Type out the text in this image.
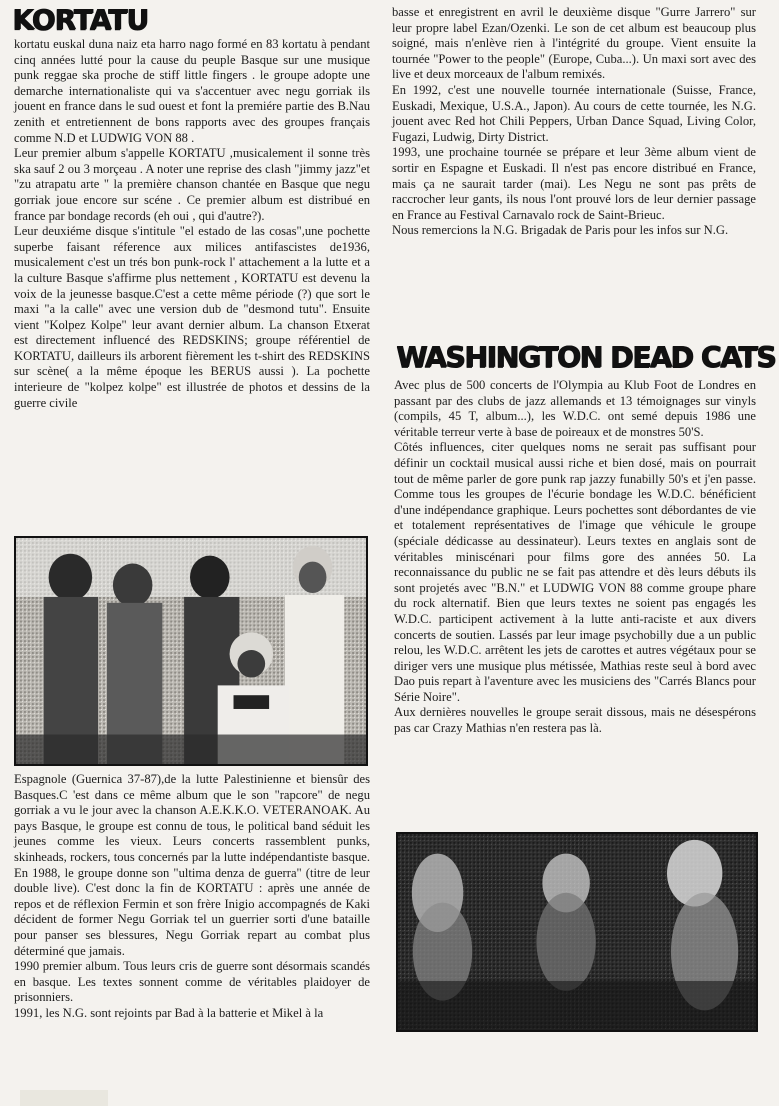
KORTATU

kortatu euskal duna naiz eta harro nago formé en 83 kortatu à pendant cinq années lutté pour la cause du peuple Basque sur une musique punk reggae ska proche de stiff little fingers . le groupe adopte une demarche internationaliste qui va s'accentuer avec negu gorriak ils jouent en france dans le sud ouest et font la premiére partie des B.Nau zenith et entretiennent de bons rapports avec des groupes français comme N.D et LUDWIG VON 88 .

Leur premier album s'appelle KORTATU ,musicalement il sonne très ska sauf 2 ou 3 morçeau . A noter une reprise des clash "jimmy jazz"et "zu atrapatu arte " la première chanson chantée en Basque que negu gorriak joue encore sur scéne . Ce premier album est distribué en france par bondage records (eh oui , qui d'autre?).

Leur deuxiéme disque s'intitule "el estado de las cosas",une pochette superbe faisant réference aux milices antifascistes de1936, musicalement c'est un trés bon punk-rock l' attachement a la lutte et a la culture Basque s'affirme plus nettement , KORTATU est devenu la voix de la jeunesse basque.C'est a cette même période (?) que sort le maxi "a la calle" avec une version dub de "desmond tutu". Ensuite vient "Kolpez Kolpe" leur avant dernier album. La chanson Etxerat est directement influencé des REDSKINS; groupe référentiel de KORTATU, dailleurs ils arborent fièrement les t-shirt des REDSKINS sur scène( a la même époque les BERUS aussi ). La pochette interieure de "kolpez kolpe" est illustrée de photos et dessins de la guerre civile

Espagnole (Guernica 37-87),de la lutte Palestinienne et biensûr des Basques.C 'est dans ce même album que le son "rapcore" de negu gorriak a vu le jour avec la chanson A.E.K.K.O. VETERANOAK. Au pays Basque, le groupe est connu de tous, le political band séduit les jeunes comme les vieux. Leurs concerts rassemblent punks, skinheads, rockers, tous concernés par la lutte indépendantiste basque. En 1988, le groupe donne son "ultima denza de guerra" (titre de leur double live). C'est donc la fin de KORTATU : après une année de repos et de réflexion Fermin et son frère Inigio accompagnés de Kaki décident de former Negu Gorriak tel un guerrier sorti d'une bataille pour panser ses blessures, Negu Gorriak repart au combat plus déterminé que jamais.

1990 premier album. Tous leurs cris de guerre sont désormais scandés en basque. Les textes sonnent comme de véritables plaidoyer de prisonniers.

1991, les N.G. sont rejoints par Bad à la batterie et Mikel à la

basse et enregistrent en avril le deuxième disque "Gurre Jarrero" sur leur propre label Ezan/Ozenki. Le son de cet album est beaucoup plus soigné, mais n'enlève rien à l'intégrité du groupe. Vient ensuite la tournée "Power to the people" (Europe, Cuba...). Un maxi sort avec des live et deux morceaux de l'album remixés.

En 1992, c'est une nouvelle tournée internationale (Suisse, France, Euskadi, Mexique, U.S.A., Japon). Au cours de cette tournée, les N.G. jouent avec Red hot Chili Peppers, Urban Dance Squad, Living Color, Fugazi, Ludwig, Dirty District.

1993, une prochaine tournée se prépare et leur 3ème album vient de sortir en Espagne et Euskadi. Il n'est pas encore distribué en France, mais ça ne saurait tarder (mai). Les Negu ne sont pas prêts de raccrocher leur gants, ils nous l'ont prouvé lors de leur dernier passage en France au Festival Carnavalo rock de Saint-Brieuc.

Nous remercions la N.G. Brigadak de Paris pour les infos sur N.G.

WASHINGTON DEAD CATS

Avec plus de 500 concerts de l'Olympia au Klub Foot de Londres en passant par des clubs de jazz allemands et 13 témoignages sur vinyls (compils, 45 T, album...), les W.D.C. ont semé depuis 1986 une véritable terreur verte à base de poireaux et de monstres 50'S.

Côtés influences, citer quelques noms ne serait pas suffisant pour définir un cocktail musical aussi riche et bien dosé, mais on pourrait tout de même parler de gore punk rap jazzy funabilly 50's et j'en passe. Comme tous les groupes de l'écurie bondage les W.D.C. bénéficient d'une indépendance graphique. Leurs pochettes sont débordantes de vie et totalement représentatives de l'image que véhicule le groupe (spéciale dédicasse au dessinateur). Leurs textes en anglais sont de véritables miniscénari pour films gore des années 50. La reconnaissance du public ne se fait pas attendre et dès leurs débuts ils sont projetés avec "B.N." et LUDWIG VON 88 comme groupe phare du rock alternatif. Bien que leurs textes ne soient pas engagés les W.D.C. participent activement à la lutte anti-raciste et aux divers concerts de soutien. Lassés par leur image psychobilly due a un public relou, les W.D.C. arrêtent les jets de carottes et autres végétaux pour se diriger vers une musique plus métissée, Mathias reste seul à bord avec Dao puis repart à l'aventure avec les musiciens des "Carrés Blancs pour Série Noire".

Aux dernières nouvelles le groupe serait dissous, mais ne désespérons pas car Crazy Mathias n'en restera pas là.
